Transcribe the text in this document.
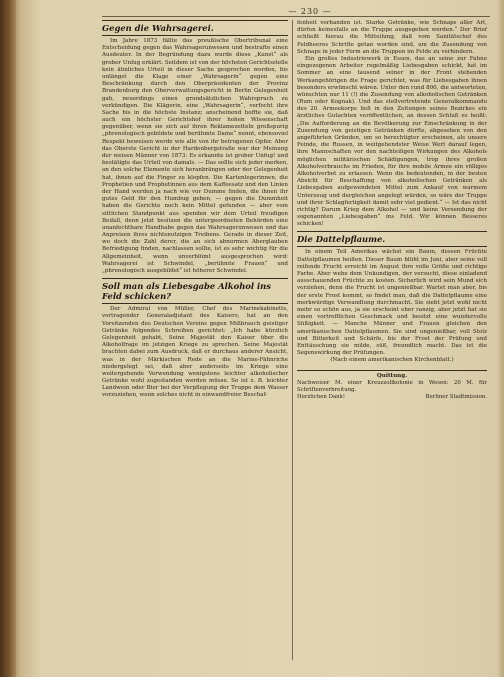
— 230 —
Gegen die Wahrsagerei.

Im Jahre 1873 fällte das preußische Obertribunal eine Entscheidung gegen das Wahrsagerunwesen und bestrafte einen Ausdeuter. In der Begründung dazu wurde diese „Kunst“ als grober Unfug erklärt. Seitdem ist von der höchsten Gerichtsstelle kein ähnliches Urteil in dieser Sache gesprochen worden, bis unlängst die Klage einer „Wahrsagerin“ gegen eine Beschränkung durch den Oberpräsidenten der Provinz Brandenburg den Oberverwaltungsgericht in Berlin Gelegenheit gab, neuerdings einen grundsätzlichen Wahrspruch zu verkündigen. Die Klägerin, eine „Wahrsagerin“, verfocht ihre Sache bis in die höchste Instanz; anscheinend hoffte sie, daß auch ein höchster Gerichtshof ihrer hohen Wissenschaft gegenüber, wenn sie sich auf ihren Reklamezetteln großspurig „phrenologisch gebildete und berühmte Dame“ nennt, ebensoviel Respekt beweisen werde wie alle von ihr betrogenen Opfer. Aber das Oberste Gericht in der Hardenbergstraße war der Meinung der weisen Männer von 1873: Es erkannte ist grober Unfug! und bestätigte das Urteil von damals. — Das sollte sich jeder merken, an den solche Elemente sich heranbrängen oder der Gelegenheit hat, ihnen auf die Finger zu klopfen. Die Kartenlegerinnen, die Prophetien und Prophetinnen aus dem Kaffeesatz und den Linien der Hand werden ja nach wie vor Dumme finden, die ihnen ihr gutes Geld für den Humbug geben, — gegen die Dummheit haben die Gerichte noch kein Mittel gefunden — aber vom sittlichen Standpunkt aus spenden wir dem Urteil freudigen Beifall, denn jetzt besitzen die untergeordneten Behörden eine unanfechtbare Handhabe gegen das Wahrsagerunwesen und das Anpreisen ihres nichtsnutzigen Treibens. Gerade in dieser Zeit, wo doch die Zahl derer, die an sich abnormen Aberglauben Befriedigung finden, nachlassen sollte, ist es sehr wichtig für die Allgemeinheit, wenn unverblümt ausgesprochen wird: Wahrsagerei ist Schwindel, „berühmte Frauen“ und „phrenologisch ausgebildet“ ist höherer Schwindel.

Soll man als Liebesgabe Alkohol ins Feld schicken?

Der Admiral von Müller, Chef des Marinekabinetts, vortragender Generaladjutant des Kaisers, hat an den Vorsitzenden des Deutschen Vereins gegen Mißbrauch geistiger Getränke folgendes Schreiben gerichtet: „Ich habe kürzlich Gelegenheit gehabt, Seine Majestät den Kaiser über die Alkoholfrage im jetzigen Kriege zu sprechen. Seine Majestät brachten dabei zum Ausdruck, daß er durchaus anderer Ansicht, was in der Märkischen Rede an die Marine-Fähnriche niedergelegt sei, daß aber anderseits im Kriege eine weitergehende Verwendung wenigstens leichter alkoholischer Getränke wohl zugestanden werden müsse. So ist z. B. leichter Landwein oder Bier bei der Verpflegung der Truppe dem Wasser vorzuziehen, wenn solches nicht in einwandfreier Beschaf-

fenheit vorhanden ist. Starke Getränke, wie Schnaps aller Art, dürfen keinesfalls an die Truppe ausgegeben werden.“ Der Brief schließt hierau die Mitteilung, daß vom Sanitätschef des Feldheeres Schritte getan worden sind, um die Zusendung von Schnaps in jeder Form an die Truppen im Felde zu verhindern.

Ein großes Industriewerk in Essen, das an seine zur Fahne eingezogenen Arbeiter regelmäßig Liebesgaben schickt, hat im Sommer an eine tausend seiner in der Front stehenden Werkangehörigen die Frage gerichtet, was für Liebesgaben ihnen besonders erwünscht wären. Unter den rund 800, die antworteten, wünschten nur 11 (!) die Zusendung von alkoholischen Getränken (Rum oder Kognak). Und das stellvertretende Generalkommando des 20. Armeekorps ließ in den Zeitungen seines Bezirkes ein ärztliches Gutachten veröffentlichen, an dessen Schluß es heißt: „Die Aufforderung an die Bevölkerung zur Einschränkung in der Zusendung von geistigen Getränken dürfte, abgesehen von den angeführten Gründen, um so berechtigter erscheinen, als unsere Feinde, die Russen, in weitgehendster Weise Wert darauf legen, ihre Mannschaften vor den nachteiligen Wirkungen des Alkohols möglichen militärischen Schädigungen, trop ihres großen Alkoholverbrauchs im Frieden, für ihre mobile Armee ein völliges Alkoholverbot zu erlassen. Wenn die bedeutenden, in der besten Absicht für Beschaffung von alkoholischen Getränken als Liebesgaben aufgewendeten Mittel zum Ankauf von warmem Unterzeug und dergleichen angelegt würden, so wäre der Truppe und ihrer Schlagfertigkeit damit sehr viel gedient.“ — Ist das nicht richtig? Darum Krieg dem Alkohol — und keine Versendung der sogenannten „Liebesgaben“ ins Feld. Wir können Besseres schicken!

Die Dattelpflaume.

In einem Teil Amerikas wächst ein Baum, dessen Früchte Dattelpflaumen heißen. Dieser Baum blüht im Juni, aber seine voll reifende Frucht erreicht im August ihre volle Größe und richtige Farbe. Aber wehe dem Unkundigen, der versucht, diese einladend ausschauenden Früchte zu kosten. Sicherlich wird sein Mund sich verziehen, denn die Frucht ist ungenießbar. Wartet man aber, bis der erste Frost kommt, so findet man, daß die Dattelpflaume eine merkwürdige Verwandlung durchmacht. Sie sieht jetzt wohl nicht mehr so schön aus, ja sie erscheint eher ranzig, aber jetzt hat sie einen vortrefflichen Geschmack und besitzt eine wundervolle Süßigkeit. — Manche Männer und Frauen gleichen den amerikanischen Dattelpflaumen. Sie sind ungenießbar, voll Stolz und Bitterkeit und Schärfe, bis der Frost der Prüfung und Enttäuschung sie milde, süß, freundlich macht. Das ist die Segenswirkung der Prüfungen.

(Nach einem amerikanischen Kirchenblatt.)

Quittung.

Nachweiser M. einer Kreuzzollkolonie in Wesen: 20 M. für Schriftenverbreitung.

Herzlichen Dank!	Berliner Stadtmission.
